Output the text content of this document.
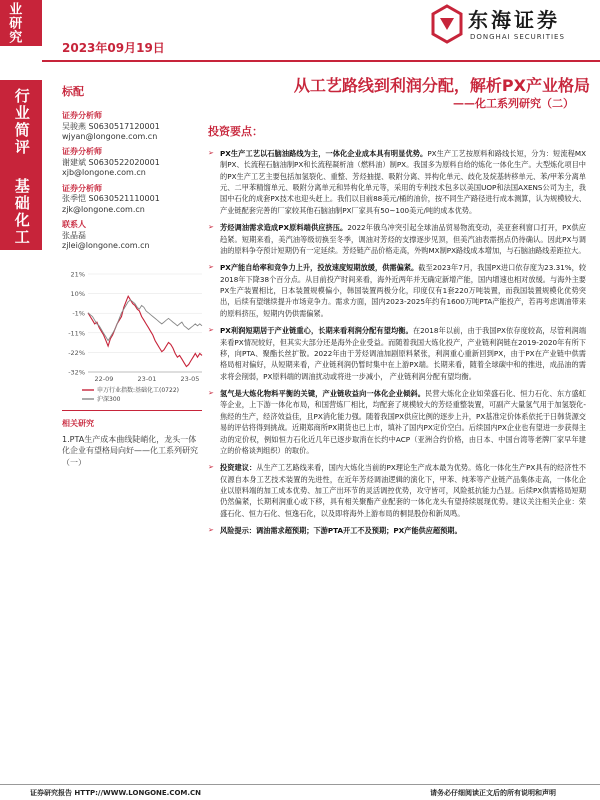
业研究
2023年09月19日
东海证券
DONGHAI SECURITIES
行业简评
基础化工
标配	从工艺路线到利润分配，解析PX产业格局
——化工系列研究（二）
证券分析师
吴骏燕 S0630517120001
wjyan@longone.com.cn
证券分析师
谢建斌 S0630522020001
xjb@longone.com.cn
证券分析师
张季恺 S0630521110001
zjk@longone.com.cn
联系人
张晶磊
zjlei@longone.com.cn
21%
10%
-1%
-11%
-22%
-32%
22-09	23-01	23-05
申万行业指数:基础化工(0722)
沪深300
相关研究
1.PTA生产成本曲线陡峭化，龙头一体化企业有望格局向好——化工系列研究（一）
投资要点：
➢ PX生产工艺以石脑油路线为主，一体化企业成本具有明显优势。PX生产工艺按原料和路线长短，分为：短流程MX制PX、长流程石脑油制PX和长流程凝析油（燃料油）制PX。我国多为原料自给的炼化一体化生产。大型炼化项目中的PX生产工艺主要包括加氢裂化、重整、芳烃抽提、吸附分离、异构化单元、歧化及烷基转移单元、苯/甲苯分离单元、二甲苯精馏单元、吸附分离单元和异构化单元等，采用的专利技术包多以美国UOP和法国AXENS公司为主，我国中石化的成套PX技术也迎头赶上。我们以目前88美元/桶的油价，按不同生产路径进行成本测算，认为规模较大、产业链配套完善的厂家较其他石脑油制PX厂家具有50~100美元/吨的成本优势。
➢ 芳烃调油需求造成PX原料端供应挤压。2022年俄乌冲突引起全球油品贸易物流变动，美亚套利窗口打开，PX供应趋紧。短期来看，美汽油等级切换至冬季，调油对芳烃的支撑逐步见顶，但美汽油表需拐点仍待确认。因此PX与调油的原料争夺预计短期仍有一定延续。芳烃链产品价格走高，外购MX制PX路线成本增加，与石脑油路线差距拉大。
➢ PX产能自给率和竞争力上升，投放速度短期放缓，供需偏紧。截至2023年7月，我国PX进口依存度为23.31%，较2018年下降38个百分点。从目前投产时间来看，海外近两年并无确定新增产能，国内增速也相对放缓。与海外主要PX生产装置相比，日本装置规模偏小，韩国装置两极分化，印度仅有1套220万吨装置，而我国装置规模化优势突出，后续有望继续提升市场竞争力。需求方面，国内2023-2025年约有1600万吨PTA产能投产，若再考虑调油带来的原料挤压，短期内仍供需偏紧。
➢ PX利润短期居于产业链重心，长期来看利润分配有望均衡。在2018年以前，由于我国PX依存度较高，尽管利润端来看PX情况较好，但其实大部分还是海外企业受益。而随着我国大炼化投产，产业链利润链在2019-2020年有所下移，向PTA、聚酯长丝扩散。2022年由于芳烃调油加剧原料紧张，利润重心重新回到PX，由于PX在产业链中供需格局相对偏好，从短期来看，产业链利润仍暂时集中在上游PX端。长期来看，随着全球碳中和的推进，成品油的需求将会削弱，PX原料端的调油扰动或将进一步减小， 产业链利润分配有望均衡。
➢ 氢气是大炼化物料平衡的关键，产业链收益向一体化企业倾斜。民营大炼化企业如荣盛石化、恒力石化、东方盛虹等企业，上下游一体化布局，和国营炼厂相比，均配套了规模较大的芳烃重整装置，可副产大量氢气用于加氢裂化-焦经的生产，经济效益佳，且PX消化能力强。随着我国PX供应比例的逐步上升，PX基准定价体系依托于日韩货源交易的评估将得到挑战。近期郑商所PX期货也已上市，填补了国内PX定价空白。后续国内PX企业也有望进一步获得主动的定价权，例如恒力石化近几年已逐步取消在长约中ACP（亚洲合约价格，由日本、中国台湾等老牌厂家早年建立的价格谈判组织）的取价。
➢ 投资建议：从生产工艺路线来看，国内大炼化当前的PX理论生产成本最为优势。炼化一体化生产PX具有的经济性不仅源自本身工艺技术装置的先进性，在近年芳烃调油逻辑的演化下，甲苯、纯苯等产业链产品集体走高，一体化企业以原料端的加工成本优势、加工产出环节的灵活调控优势，攻守皆可，风险抵抗能力凸显。后续PX供需格局短期仍然偏紧，长期利润重心或下移，具有相关聚酯产业配套的一体化龙头有望持续展现优势。建议关注相关企业：荣盛石化、恒力石化、恒逸石化，以及即将海外上游布局的桐昆股份和新凤鸣。
➢ 风险提示：调油需求超预期；下游PTA开工不及预期；PX产能供应超预期。
证券研究报告 HTTP://WWW.LONGONE.COM.CN	请务必仔细阅读正文后的所有说明和声明
